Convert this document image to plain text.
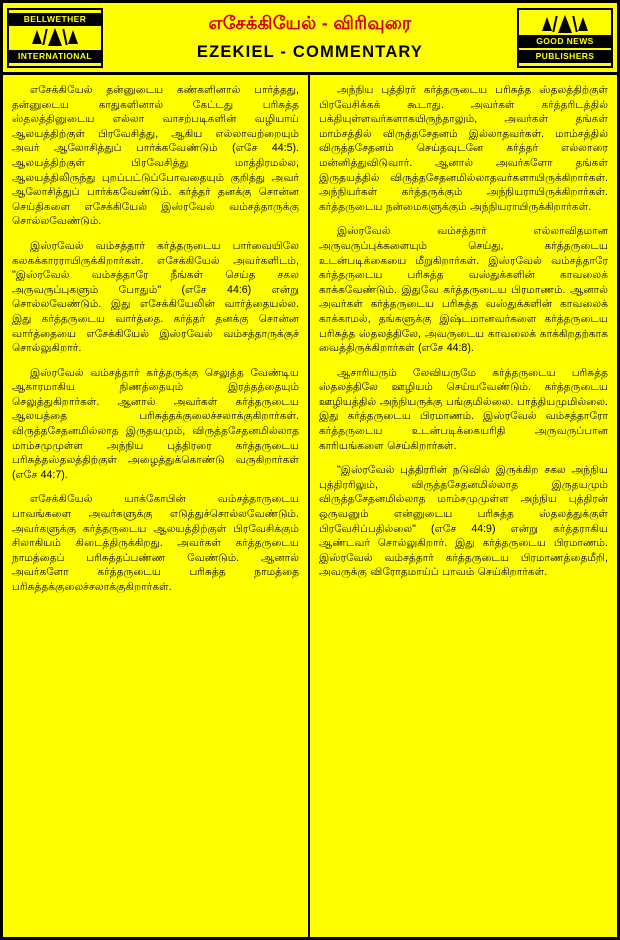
BELLWETHER
INTERNATIONAL
எசேக்கியேல் - விரிவுரை
EZEKIEL - COMMENTARY
GOOD NEWS
PUBLISHERS

எசேக்கியேல் தன்னுடைய கண்களினால் பார்த்தது, தன்னுடைய காதுகளினால் கேட்டது பரிசுத்த ஸ்தலத்தினுடைய எல்லா வாசற்படிகளின் வழியாய் ஆலயத்திற்குள் பிரவேசித்து, ஆகிய எல்லாவற்றையும் அவர் ஆலோசித்துப் பார்க்கவேண்டும் (எசே 44:5). ஆலயத்திற்குள் பிரவேசித்து மாத்திரமல்ல, ஆலயத்திலிருந்து புறப்பட்டுப்போவதையும் குறித்து அவர் ஆலோசித்துப் பார்க்கவேண்டும். கர்த்தர் தனக்கு சொன்ன செய்திகளை எசேக்கியேல் இஸ்ரவேல் வம்சத்தாருக்கு சொல்லவேண்டும்.

இஸ்ரவேல் வம்சத்தார் கர்த்தருடைய பார்வையிலே கலகக்காரராயிருக்கிறார்கள். எசேக்கியேல் அவர்களிடம், "இஸ்ரவேல் வம்சத்தாரே நீங்கள் செய்த சகல அருவருப்புகளும் போதும்" (எசே 44:6) என்று சொல்லவேண்டும். இது எசேக்கியேலின் வார்த்தையல்ல. இது கர்த்தருடைய வார்த்தை. கர்த்தர் தனக்கு சொன்ன வார்த்தையை எசேக்கியேல் இஸ்ரவேல் வம்சத்தாருக்குச் சொல்லுகிறார்.

இஸ்ரவேல் வம்சத்தார் கர்த்தருக்கு செலுத்த வேண்டிய ஆகாரமாகிய நிணத்தையும் இரத்தத்தையும் செலுத்துகிறார்கள். ஆனால் அவர்கள் கர்த்தருடைய ஆலயத்தை பரிசுத்தக்குலைச்சலாக்குகிறார்கள். விருத்தசேதனமில்லாத இருதயமும், விருத்தசேதனமில்லாத மாம்சமுமுள்ள அந்நிய புத்திரரை கர்த்தருடைய பரிசுத்தஸ்தலத்திற்குள் அழைத்துக்கொண்டு வருகிறார்கள் (எசே 44:7).

எசேக்கியேல் யாக்கோபின் வம்சத்தாருடைய பாவங்களை அவர்களுக்கு எடுத்துச்சொல்லவேண்டும். அவர்களுக்கு கர்த்தருடைய ஆலயத்திற்குள் பிரவேசிக்கும் சிலாகியம் கிடைத்திருக்கிறது. அவர்கள் கர்த்தருடைய நாமத்தைப் பரிசுத்தப்பண்ண வேண்டும். ஆனால் அவர்களோ கர்த்தருடைய பரிசுத்த நாமத்தை பரிசுத்தக்குலைச்சலாக்குகிறார்கள்.

அந்நிய புத்திரர் கர்த்தருடைய பரிசுத்த ஸ்தலத்திற்குள் பிரவேசிக்கக் கூடாது. அவர்கள் கர்த்தரிடத்தில் பக்தியுள்ளவர்களாகயிருந்தாலும், அவர்கள் தங்கள் மாம்சத்தில் விருத்தசேதனம் இல்லாதவர்கள். மாம்சத்தில் விருத்தசேதனம் செய்தவுடனே கர்த்தர் எல்லாரை மன்னித்துவிடுவார். ஆனால் அவர்களோ தங்கள் இருதயத்தில் விருத்தசேதனமில்லாதவர்களாயிருக்கிறார்கள். அந்நியர்கள் கர்த்தருக்கும் அந்நியராயிருக்கிறார்கள். கர்த்தருடைய நன்மைகளுக்கும் அந்நியராயிருக்கிறார்கள்.

இஸ்ரவேல் வம்சத்தார் எல்லாவிதமான அருவருப்புக்களையும் செய்து, கர்த்தருடைய உடன்படிக்கையை மீறுகிறார்கள். இஸ்ரவேல் வம்சத்தாரே கர்த்தருடைய பரிசுத்த வஸ்துக்களின் காவலைக் காக்கவேண்டும். இதுவே கர்த்தருடைய பிரமாணம். ஆனால் அவர்கள் கர்த்தருடைய பரிசுத்த வஸ்துக்களின் காவலைக் காக்காமல், தங்களுக்கு இஷ்டமானவர்களை கர்த்தருடைய பரிசுத்த ஸ்தலத்திலே, அவருடைய காவலைக் காக்கிறதற்காக வைத்திருக்கிறார்கள் (எசே 44:8).

ஆசாரியரும் லேவியருமே கர்த்தருடைய பரிசுத்த ஸ்தலத்திலே ஊழியம் செய்யவேண்டும். கர்த்தருடைய ஊழியத்தில் அந்நியருக்கு பங்குமில்லை. பாத்தியமுமில்லை. இது கர்த்தருடைய பிரமாணம். இஸ்ரவேல் வம்சத்தாரோ கர்த்தருடைய உடன்படிக்கையரிதி அருவருப்பான காரியங்களை செய்கிறார்கள்.

"இஸ்ரவேல் புத்திரரின் நடுவில் இருக்கிற சகல அந்நிய புத்திரரிலும், விருத்தசேதனமில்லாத இருதயமும் விருத்தசேதனமில்லாத மாம்சமுமுள்ள அந்நிய புத்திரன் ஒருவனும் என்னுடைய பரிசுத்த ஸ்தலத்துக்குள் பிரவேசிப்பதில்லை" (எசே 44:9) என்று கர்த்தராகிய ஆண்டவர் சொல்லுகிறார். இது கர்த்தருடைய பிரமாணம். இஸ்ரவேல் வம்சத்தார் கர்த்தருடைய பிரமாணத்தைமீறி, அவருக்கு விரோதமாய்ப் பாவம் செய்கிறார்கள்.
